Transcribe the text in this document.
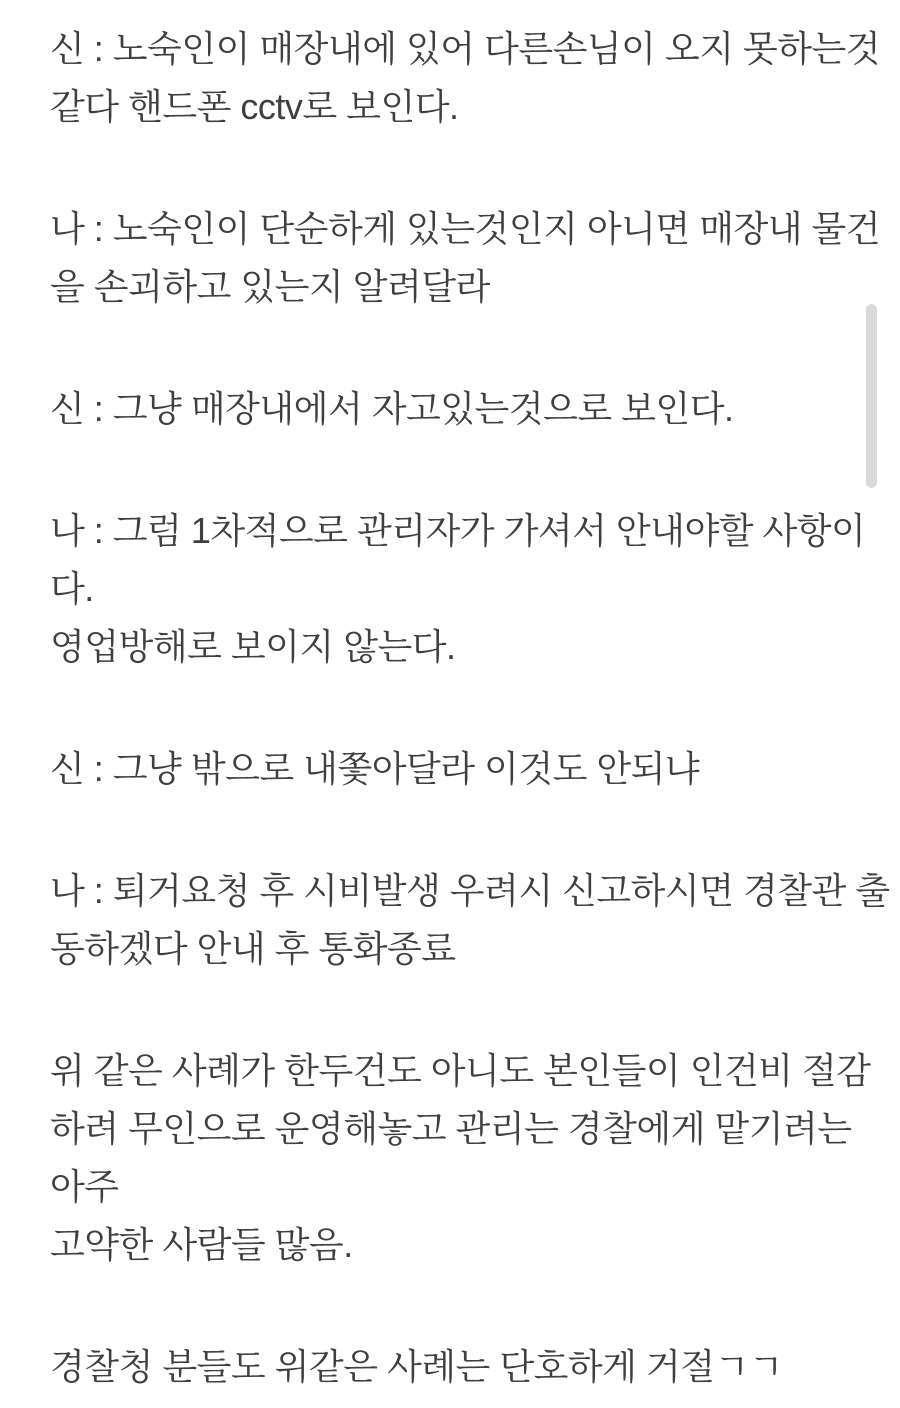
신 : 노숙인이 매장내에 있어 다른손님이 오지 못하는것
같다 핸드폰 cctv로 보인다.
나 : 노숙인이 단순하게 있는것인지 아니면 매장내 물건
을 손괴하고 있는지 알려달라
신 : 그냥 매장내에서 자고있는것으로 보인다.
나 : 그럼 1차적으로 관리자가 가셔서 안내야할 사항이
다.
영업방해로 보이지 않는다.
신 : 그냥 밖으로 내쫓아달라 이것도 안되냐
나 : 퇴거요청 후 시비발생 우려시 신고하시면 경찰관 출
동하겠다 안내 후 통화종료
위 같은 사례가 한두건도 아니도 본인들이 인건비 절감
하려 무인으로 운영해놓고 관리는 경찰에게 맡기려는
아주
고약한 사람들 많음.
경찰청 분들도 위같은 사례는 단호하게 거절ㄱㄱ
